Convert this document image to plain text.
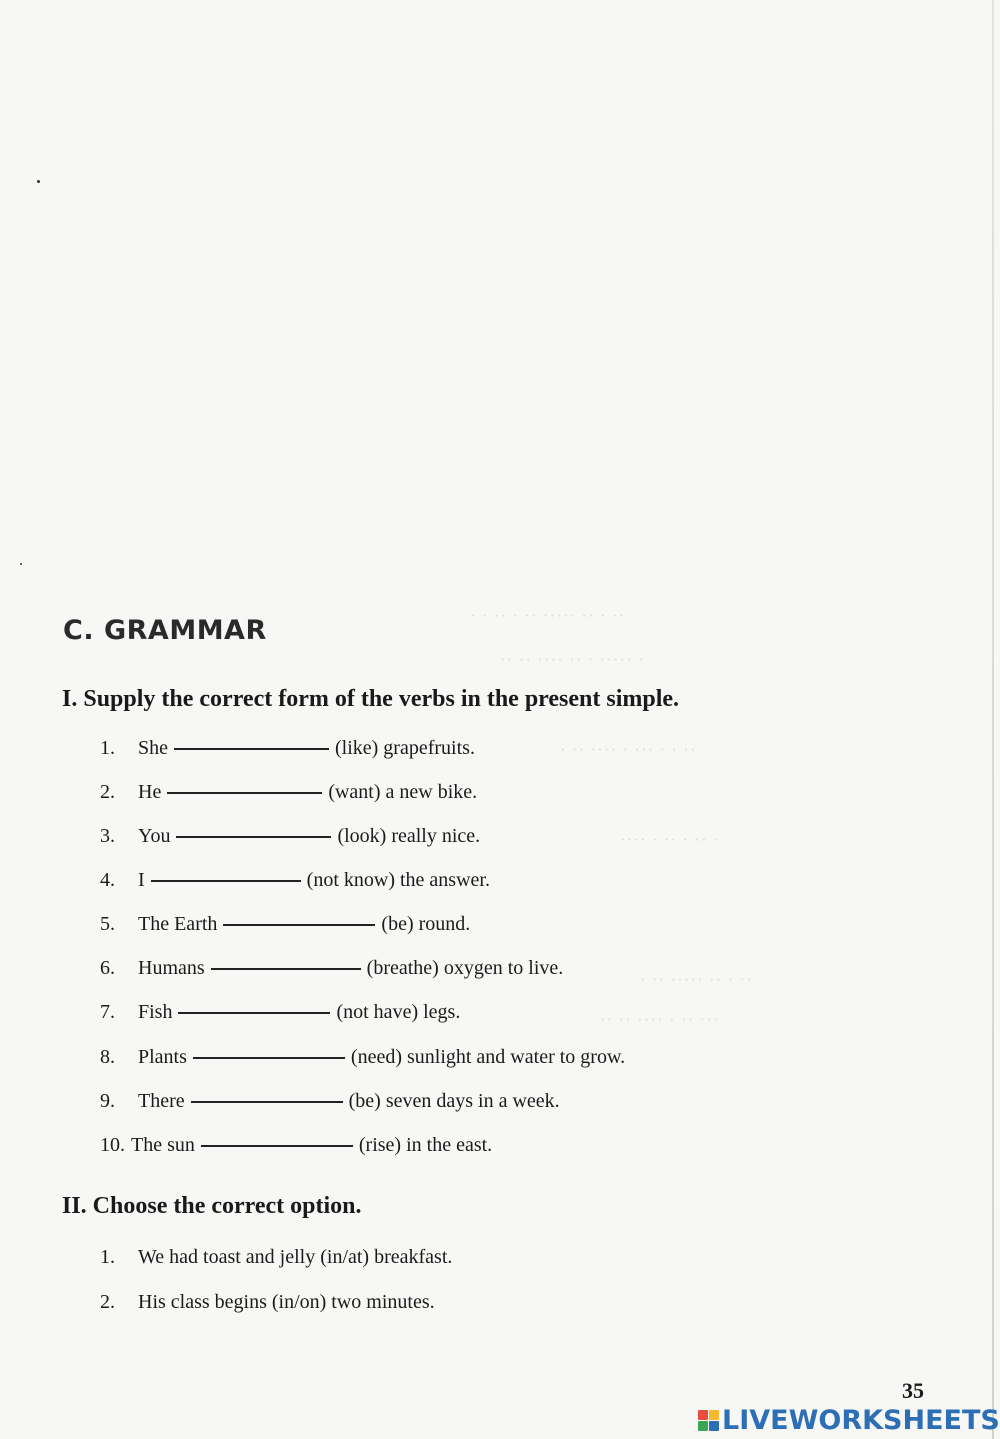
· · ·· · ·· ····· ·· · ··
·· ·· ···· ·· · ····· ·
· ·· ···· · ··· · · ··
···· · ·· · ·· ·
· ·· ····· ·· · ··
·· ·· ···· · ·· ···
C. GRAMMAR
I. Supply the correct form of the verbs in the present simple.
1.	She	(like) grapefruits.
2.	He	(want) a new bike.
3.	You	(look) really nice.
4.	I	(not know) the answer.
5.	The Earth	(be) round.
6.	Humans	(breathe) oxygen to live.
7.	Fish	(not have) legs.
8.	Plants	(need) sunlight and water to grow.
9.	There	(be) seven days in a week.
10. The sun	(rise) in the east.
II. Choose the correct option.
1.	We had toast and jelly (in/at) breakfast.
2.	His class begins (in/on) two minutes.
35
LIVEWORKSHEETS
